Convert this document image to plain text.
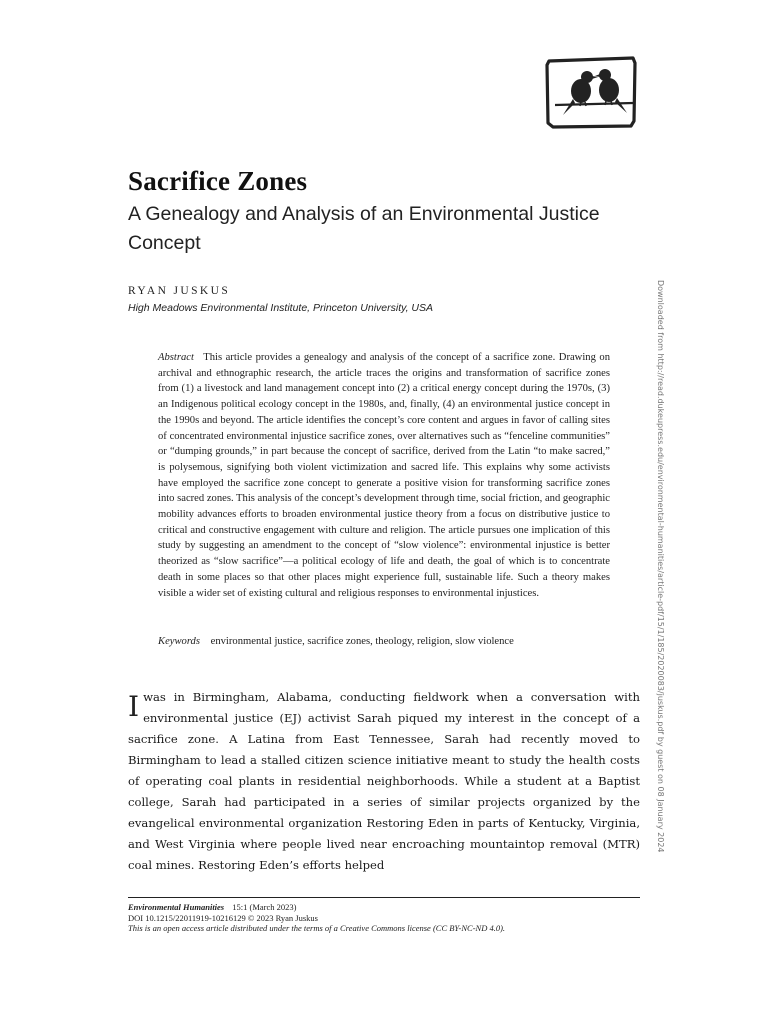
Downloaded from http://read.dukeupress.edu/environmental-humanities/article-pdf/15/1/185/2020083/juskus.pdf by guest on 08 January 2024
Sacrifice Zones
A Genealogy and Analysis of an Environmental Justice Concept
RYAN JUSKUS
High Meadows Environmental Institute, Princeton University, USA
Abstract This article provides a genealogy and analysis of the concept of a sacrifice zone. Drawing on archival and ethnographic research, the article traces the origins and transformation of sacrifice zones from (1) a livestock and land management concept into (2) a critical energy concept during the 1970s, (3) an Indigenous political ecology concept in the 1980s, and, finally, (4) an environmental justice concept in the 1990s and beyond. The article identifies the concept’s core content and argues in favor of calling sites of concentrated environmental injustice sacrifice zones, over alternatives such as “fenceline communities” or “dumping grounds,” in part because the concept of sacrifice, derived from the Latin “to make sacred,” is polysemous, signifying both violent victimization and sacred life. This explains why some activists have employed the sacrifice zone concept to generate a positive vision for transforming sacrifice zones into sacred zones. This analysis of the concept’s development through time, social friction, and geographic mobility advances efforts to broaden environmental justice theory from a focus on distributive justice to critical and constructive engagement with culture and religion. The article pursues one implication of this study by suggesting an amendment to the concept of “slow violence”: environmental injustice is better theorized as “slow sacrifice”—a political ecology of life and death, the goal of which is to concentrate death in some places so that other places might experience full, sustainable life. Such a theory makes visible a wider set of existing cultural and religious responses to environmental injustices.
Keywords environmental justice, sacrifice zones, theology, religion, slow violence
I was in Birmingham, Alabama, conducting fieldwork when a conversation with environmental justice (EJ) activist Sarah piqued my interest in the concept of a sacrifice zone. A Latina from East Tennessee, Sarah had recently moved to Birmingham to lead a stalled citizen science initiative meant to study the health costs of operating coal plants in residential neighborhoods. While a student at a Baptist college, Sarah had participated in a series of similar projects organized by the evangelical environmental organization Restoring Eden in parts of Kentucky, Virginia, and West Virginia where people lived near encroaching mountaintop removal (MTR) coal mines. Restoring Eden’s efforts helped
Environmental Humanities 15:1 (March 2023)
DOI 10.1215/22011919-10216129 © 2023 Ryan Juskus
This is an open access article distributed under the terms of a Creative Commons license (CC BY-NC-ND 4.0).
